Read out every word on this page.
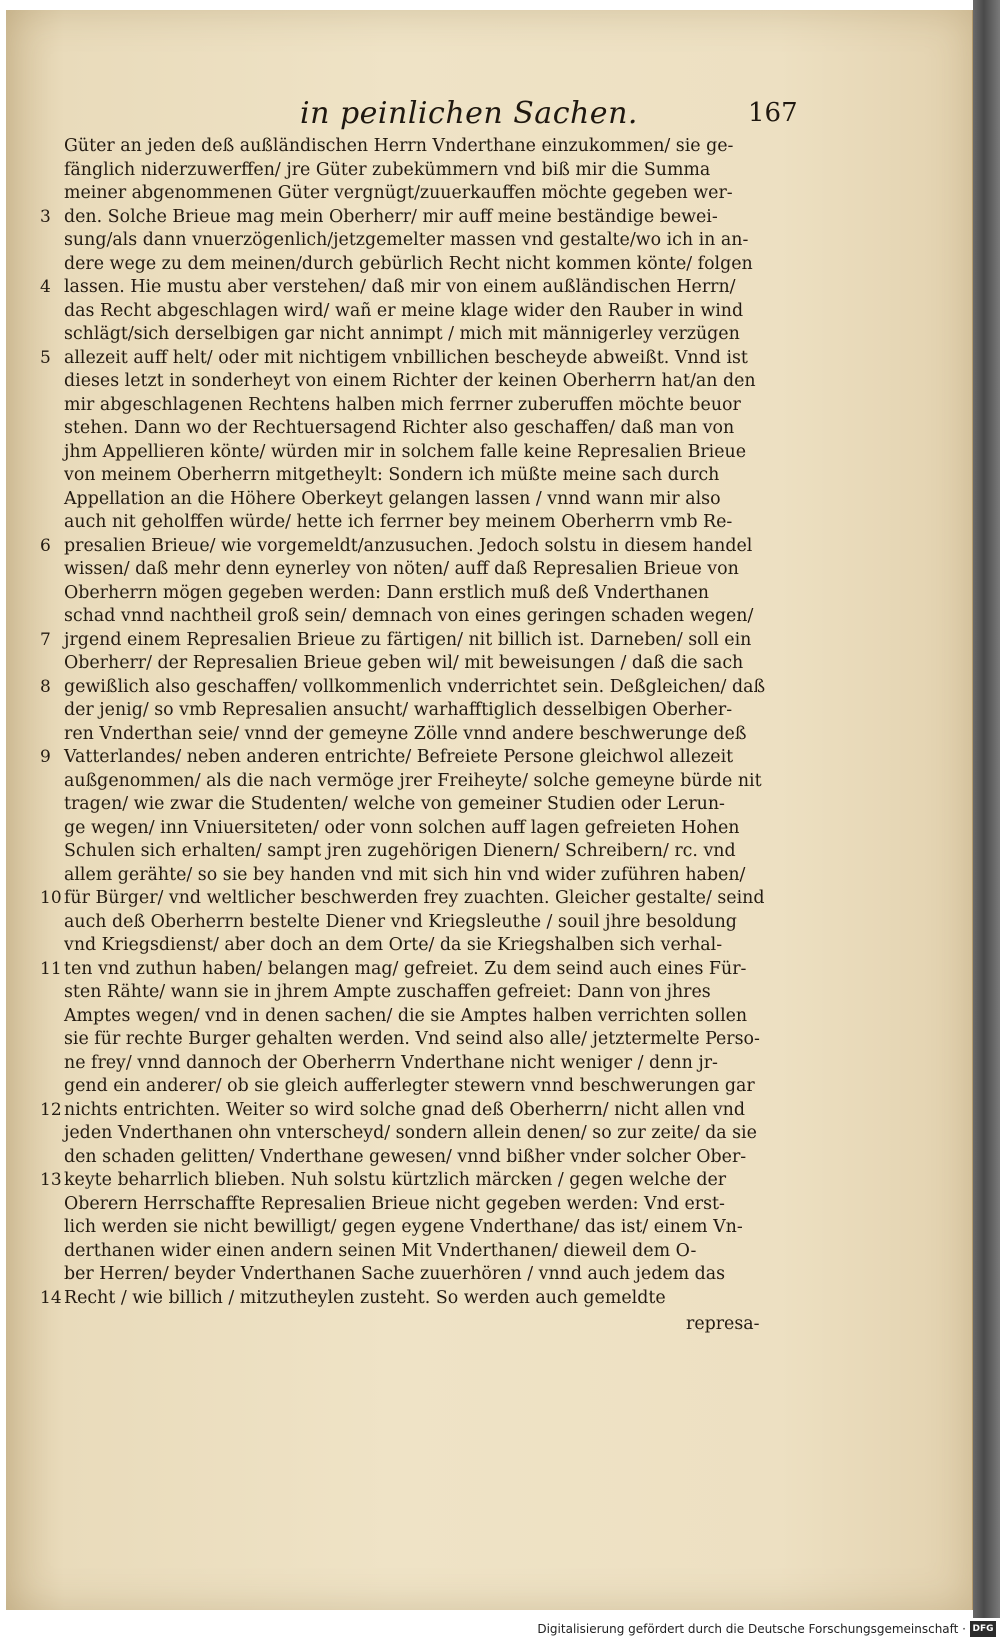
in peinlichen Sachen.	167
Güter an jeden deß außländischen Herrn Vnderthane einzukommen/ sie ge-
fänglich niderzuwerffen/ jre Güter zubekümmern vnd biß mir die Summa
meiner abgenommenen Güter vergnügt/zuuerkauffen möchte gegeben wer-
3 den. Solche Brieue mag mein Oberherr/ mir auff meine beständige bewei-
sung/als dann vnuerzögenlich/jetzgemelter massen vnd gestalte/wo ich in an-
dere wege zu dem meinen/durch gebürlich Recht nicht kommen könte/ folgen
4 lassen. Hie mustu aber verstehen/ daß mir von einem außländischen Herrn/
das Recht abgeschlagen wird/ wañ er meine klage wider den Rauber in wind
schlägt/sich derselbigen gar nicht annimpt / mich mit männigerley verzügen
5 allezeit auff helt/ oder mit nichtigem vnbillichen bescheyde abweißt. Vnnd ist
dieses letzt in sonderheyt von einem Richter der keinen Oberherrn hat/an den
mir abgeschlagenen Rechtens halben mich ferrner zuberuffen möchte beuor
stehen. Dann wo der Rechtuersagend Richter also geschaffen/ daß man von
jhm Appellieren könte/ würden mir in solchem falle keine Represalien Brieue
von meinem Oberherrn mitgetheylt: Sondern ich müßte meine sach durch
Appellation an die Höhere Oberkeyt gelangen lassen / vnnd wann mir also
auch nit geholffen würde/ hette ich ferrner bey meinem Oberherrn vmb Re-
6 presalien Brieue/ wie vorgemeldt/anzusuchen. Jedoch solstu in diesem handel
wissen/ daß mehr denn eynerley von nöten/ auff daß Represalien Brieue von
Oberherrn mögen gegeben werden: Dann erstlich muß deß Vnderthanen
schad vnnd nachtheil groß sein/ demnach von eines geringen schaden wegen/
7 jrgend einem Represalien Brieue zu färtigen/ nit billich ist. Darneben/ soll ein
Oberherr/ der Represalien Brieue geben wil/ mit beweisungen / daß die sach
8 gewißlich also geschaffen/ vollkommenlich vnderrichtet sein. Deßgleichen/ daß
der jenig/ so vmb Represalien ansucht/ warhafftiglich desselbigen Oberher-
ren Vnderthan seie/ vnnd der gemeyne Zölle vnnd andere beschwerunge deß
9 Vatterlandes/ neben anderen entrichte/ Befreiete Persone gleichwol allezeit
außgenommen/ als die nach vermöge jrer Freiheyte/ solche gemeyne bürde nit
tragen/ wie zwar die Studenten/ welche von gemeiner Studien oder Lerun-
ge wegen/ inn Vniuersiteten/ oder vonn solchen auff lagen gefreieten Hohen
Schulen sich erhalten/ sampt jren zugehörigen Dienern/ Schreibern/ rc. vnd
allem gerähte/ so sie bey handen vnd mit sich hin vnd wider zuführen haben/
10 für Bürger/ vnd weltlicher beschwerden frey zuachten. Gleicher gestalte/ seind
auch deß Oberherrn bestelte Diener vnd Kriegsleuthe / souil jhre besoldung
vnd Kriegsdienst/ aber doch an dem Orte/ da sie Kriegshalben sich verhal-
11 ten vnd zuthun haben/ belangen mag/ gefreiet. Zu dem seind auch eines Für-
sten Rähte/ wann sie in jhrem Ampte zuschaffen gefreiet: Dann von jhres
Amptes wegen/ vnd in denen sachen/ die sie Amptes halben verrichten sollen
sie für rechte Burger gehalten werden. Vnd seind also alle/ jetztermelte Perso-
ne frey/ vnnd dannoch der Oberherrn Vnderthane nicht weniger / denn jr-
gend ein anderer/ ob sie gleich aufferlegter stewern vnnd beschwerungen gar
12 nichts entrichten. Weiter so wird solche gnad deß Oberherrn/ nicht allen vnd
jeden Vnderthanen ohn vnterscheyd/ sondern allein denen/ so zur zeite/ da sie
den schaden gelitten/ Vnderthane gewesen/ vnnd bißher vnder solcher Ober-
13 keyte beharrlich blieben. Nuh solstu kürtzlich märcken / gegen welche der
Oberern Herrschaffte Represalien Brieue nicht gegeben werden: Vnd erst-
lich werden sie nicht bewilligt/ gegen eygene Vnderthane/ das ist/ einem Vn-
derthanen wider einen andern seinen Mit Vnderthanen/ dieweil dem O-
ber Herren/ beyder Vnderthanen Sache zuuerhören / vnnd auch jedem das
14 Recht / wie billich / mitzutheylen zusteht. So werden auch gemeldte
represa-
Digitalisierung gefördert durch die Deutsche Forschungsgemeinschaft · DFG
